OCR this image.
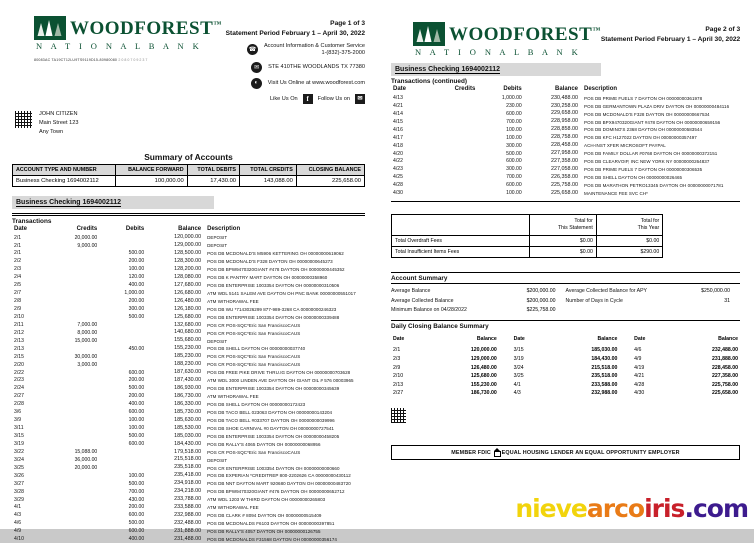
WOODFOREST™
N A T I O N A L B A N K
80083AC TA19CT12LU9TS9119D15-80980080 2080709237
Page 1 of 3
Statement Period February 1 – April 30, 2022
Account Information & Customer Service
1-(832)-375-2000
☎
STE 410THE WOODLANDS TX 77380
✉
Visit Us Online at www.woodforest.com
◐
Like Us On	f	Follow Us on	✉
JOHN CITIZEN
Main Street 123
Any Town
Summary of Accounts
ACCOUNT TYPE AND NUMBER	BALANCE FORWARD	TOTAL DEBITS	TOTAL CREDITS	CLOSING BALANCE
Business Checking 1694002112	100,000.00	17,430.00	143,088.00	225,658.00
Business Checking 1694002112
Transactions
Date	Credits	Debits	Balance	Description
2/1	20,000.00		120,000.00	DEPOSIT
2/1	9,000.00		129,000.00	DEPOSIT
2/1		500.00	128,500.00	POS DB MCDONALD'S M5906 KETTERING OH 00000000619062
2/2		200.00	128,300.00	POS DB MCDONALD'S F328 DAYTON OH 00000000645273
2/3		100.00	128,200.00	POS DB BPW9470320GIANT #478 DAYTON OH 00000000445352
2/4		120.00	128,080.00	POS DB K PANTRY MART DAYTON OH 00000000358960
2/5		400.00	127,680.00	POS DB ENTERPRISE 1003354 DAYTON OH 00000000310506
2/7		1,000.00	126,680.00	ATM WDL 5141 SALEM AVE DAYTON OH PNC BANK 00000000551017
2/8		200.00	126,480.00	ATM WITHDRAWAL FEE
2/9		300.00	126,180.00	POS DB WU *7143026299 877-989-3268 CA 00000000246323
2/10		500.00	125,680.00	POS DB ENTERPRISE 1003354 DAYTON OH 00000000339488
2/11	7,000.00		132,680.00	POS CR POS-SQC*Eric San FranciscoCAUS
2/12	8,000.00		140,680.00	POS CR POS-SQC*Eric San FranciscoCAUS
2/13	15,000.00		155,680.00	DEPOSIT
2/13		450.00	155,230.00	POS DB SHELL DAYTON OH 00000000037740
2/15	30,000.00		185,230.00	POS CR POS-SQC*Eric San FranciscoCAUS
2/20	3,000.00		188,230.00	POS CR POS-SQC*Eric San FranciscoCAUS
2/22		600.00	187,630.00	POS DB FREE PIKE DRIVE THRU.IG DAYTON OH 00000000703628
2/23		200.00	187,430.00	ATM WDL 3000 LINDEN AVE DAYTON OH GIANT OIL # 576 00003965
2/24		500.00	186,930.00	POS DB ENTERPRISE 1003354 DAYTON OH 00000000345639
2/27		200.00	186,730.00	ATM WITHDRAWAL FEE
2/28		400.00	186,330.00	POS DB SHELL DAYTON OH 00000000172423
3/6		600.00	185,730.00	POS DB TACO BELL 023063 DAYTON OH 00000000143204
3/9		100.00	185,630.00	POS DB TACO BELL #033707 DAYTON OH 00000000039996
3/11		100.00	185,530.00	POS DB SHOE CARNIVAL #0 DAYTON OH 00000000727541
3/15		500.00	185,030.00	POS DB ENTERPRISE 1003354 DAYTON OH 00000000458205
3/19		600.00	184,430.00	POS DB RALLY'S 4065 DAYTON OH 00000000068956
3/22	15,088.00		179,518.00	POS CR POS-SQC*Eric San FranciscoCAUS
3/24	36,000.00		215,518.00	DEPOSIT
3/25	20,000.00		235,518.00	POS CR ENTERPRISE 1003354 DAYTON OH 00000000000660
3/26		100.00	235,418.00	POS DB EXPERIAN *CREDITREP 800-2202626 CA 00000000430112
3/27		500.00	234,918.00	POS DB NNT DAYTON MART 920680 DAYTON OH 00000000483720
3/28		700.00	234,218.00	POS DB BPW9470320GIANT #476 DAYTON OH 00000000652712
3/29		430.00	233,788.00	ATM WDL 1203 W THIRD DAYTON OH 00000000265803
4/1		200.00	233,588.00	ATM WITHDRAWAL FEE
4/3		600.00	232,988.00	POS DB CLARK # 8094 DAYTON OH 00000000515409
4/6		500.00	232,488.00	POS DB MCDONALDS F6103 DAYTON OH 00000000397851
4/9		600.00	231,888.00	POS DB RALLY'S 4057 DAYTON OH 00000000126755
4/10		400.00	231,488.00	POS DB MCDONALDS F31568 DAYTON OH 00000000356174
WOODFOREST™
N A T I O N A L B A N K
Page 2 of 3
Statement Period February 1 – April 30, 2022
Business Checking 1694002112
Transactions (continued)
Date	Credits	Debits	Balance	Description
4/13		1,000.00	230,488.00	POS DB PRIME FUELS 7 DAYTON OH 00000000361978
4/21		230.00	230,258.00	POS DB GERMANTOWN PLAZA DRIV DAYTON OH 00000000484116
4/14		600.00	229,658.00	POS DB MCDONALD'S F328 DAYTON OH 00000000667534
4/15		700.00	228,958.00	POS DB BPX9470320GIANT #478 DAYTON OH 00000000659156
4/16		100.00	228,858.00	POS DB DOMINO'S 2368 DAYTON OH 00000000583544
4/17		100.00	228,758.00	POS DB KFC H127022 DAYTON OH 00000000357497
4/18		300.00	228,458.00	ACH-INST XFER MICROSOFT PAYPAL
4/20		500.00	227,958.00	POS DB FAMILY DOLLAR #0768 DAYTON OH 00000000372151
4/22		600.00	227,358.00	POS DB CLEARVOIP, INC NEW YORK NY 00000000264837
4/23		300.00	227,058.00	POS DB PRIME FUELS 7 DAYTON OH 00000000306535
4/25		700.00	226,358.00	POS DB SHELL DAYTON OH 00000000026465
4/28		600.00	225,758.00	POS DB MARATHON PETRO13345 DAYTON OH 00000000071781
4/30		100.00	225,658.00	MAINTENANCE FEE SVC CH*

Total for
This Statement

Total for
This Year

Total Overdraft Fees	$0.00	$0.00
Total Insufficient Items Fees	$0.00	$290.00
Account Summary
Average Balance	$200,000.00
Average Collected Balance	$200,000.00
Minimum Balance on 04/28/2022	$225,758.00
Average Collected Balance for APY	$250,000.00
Number of Days in Cycle	31
Daily Closing Balance Summary
Date	Balance		Date	Balance		Date	Balance
2/1	120,000.00		3/15	185,030.00		4/6	232,488.00
2/3	129,000.00		3/19	184,430.00		4/9	231,888.00
2/9	126,480.00		3/24	215,518.00		4/19	228,458.00
2/10	125,680.00		3/25	235,518.00		4/21	227,358.00
2/13	155,230.00		4/1	233,588.00		4/28	225,758.00
2/27	186,730.00		4/3	232,988.00		4/30	225,658.00
MEMBER FDIC EQUAL HOUSING LENDER AN EQUAL OPPORTUNITY EMPLOYER
nievearcoiris.com
